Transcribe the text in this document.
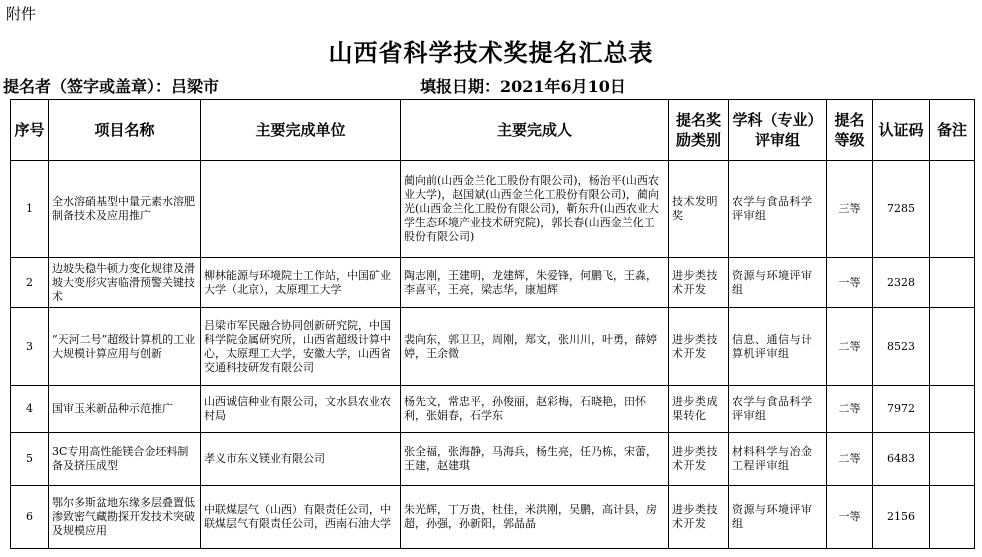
附件
山西省科学技术奖提名汇总表
提名者（签字或盖章）：吕梁市	填报日期：2021年6月10日
序号	项目名称	主要完成单位	主要完成人	提名奖励类别	学科（专业）评审组	提名等级	认证码	备注
1	全水溶硝基型中量元素水溶肥制备技术及应用推广		蔺向前(山西金兰化工股份有限公司)，杨治平(山西农业大学)，赵国斌(山西金兰化工股份有限公司)，蔺向光(山西金兰化工股份有限公司)，靳东升(山西农业大学生态环境产业技术研究院)，郭长春(山西金兰化工股份有限公司)	技术发明奖	农学与食品科学评审组	三等	7285	
2	边坡失稳牛顿力变化规律及滑坡大变形灾害临滑预警关键技术	柳林能源与环境院士工作站，中国矿业大学（北京），太原理工大学	陶志刚，王建明，龙建辉，朱爱锋，何鹏飞，王淼，李喜平，王亮，梁志华，康旭辉	进步类技术开发	资源与环境评审组	一等	2328	
3	“天河二号”超级计算机的工业大规模计算应用与创新	吕梁市军民融合协同创新研究院，中国科学院金属研究所，山西省超级计算中心，太原理工大学，安徽大学，山西省交通科技研发有限公司	裴向东，郭卫卫，周刚，郑文，张川川，叶勇，薛婷婷，王余微	进步类技术开发	信息、通信与计算机评审组	二等	8523	
4	国审玉米新品种示范推广	山西诚信种业有限公司，文水县农业农村局	杨先文，常忠平，孙俊丽，赵彩梅，石晓艳，田怀利，张娟春，石学东	进步类成果转化	农学与食品科学评审组	二等	7972	
5	3C专用高性能镁合金坯料制备及挤压成型	孝义市东义镁业有限公司	张全福，张海静，马海兵，杨生亮，任乃栋，宋蕾，王建，赵建琪	进步类技术开发	材料科学与冶金工程评审组	二等	6483	
6	鄂尔多斯盆地东缘多层叠置低渗致密气藏勘探开发技术突破及规模应用	中联煤层气（山西）有限责任公司，中联煤层气有限责任公司，西南石油大学	朱光辉，丁万贵，杜佳，米洪刚，吴鹏，高计县，房超，孙强，孙新阳，郭晶晶	进步类技术开发	资源与环境评审组	一等	2156	
